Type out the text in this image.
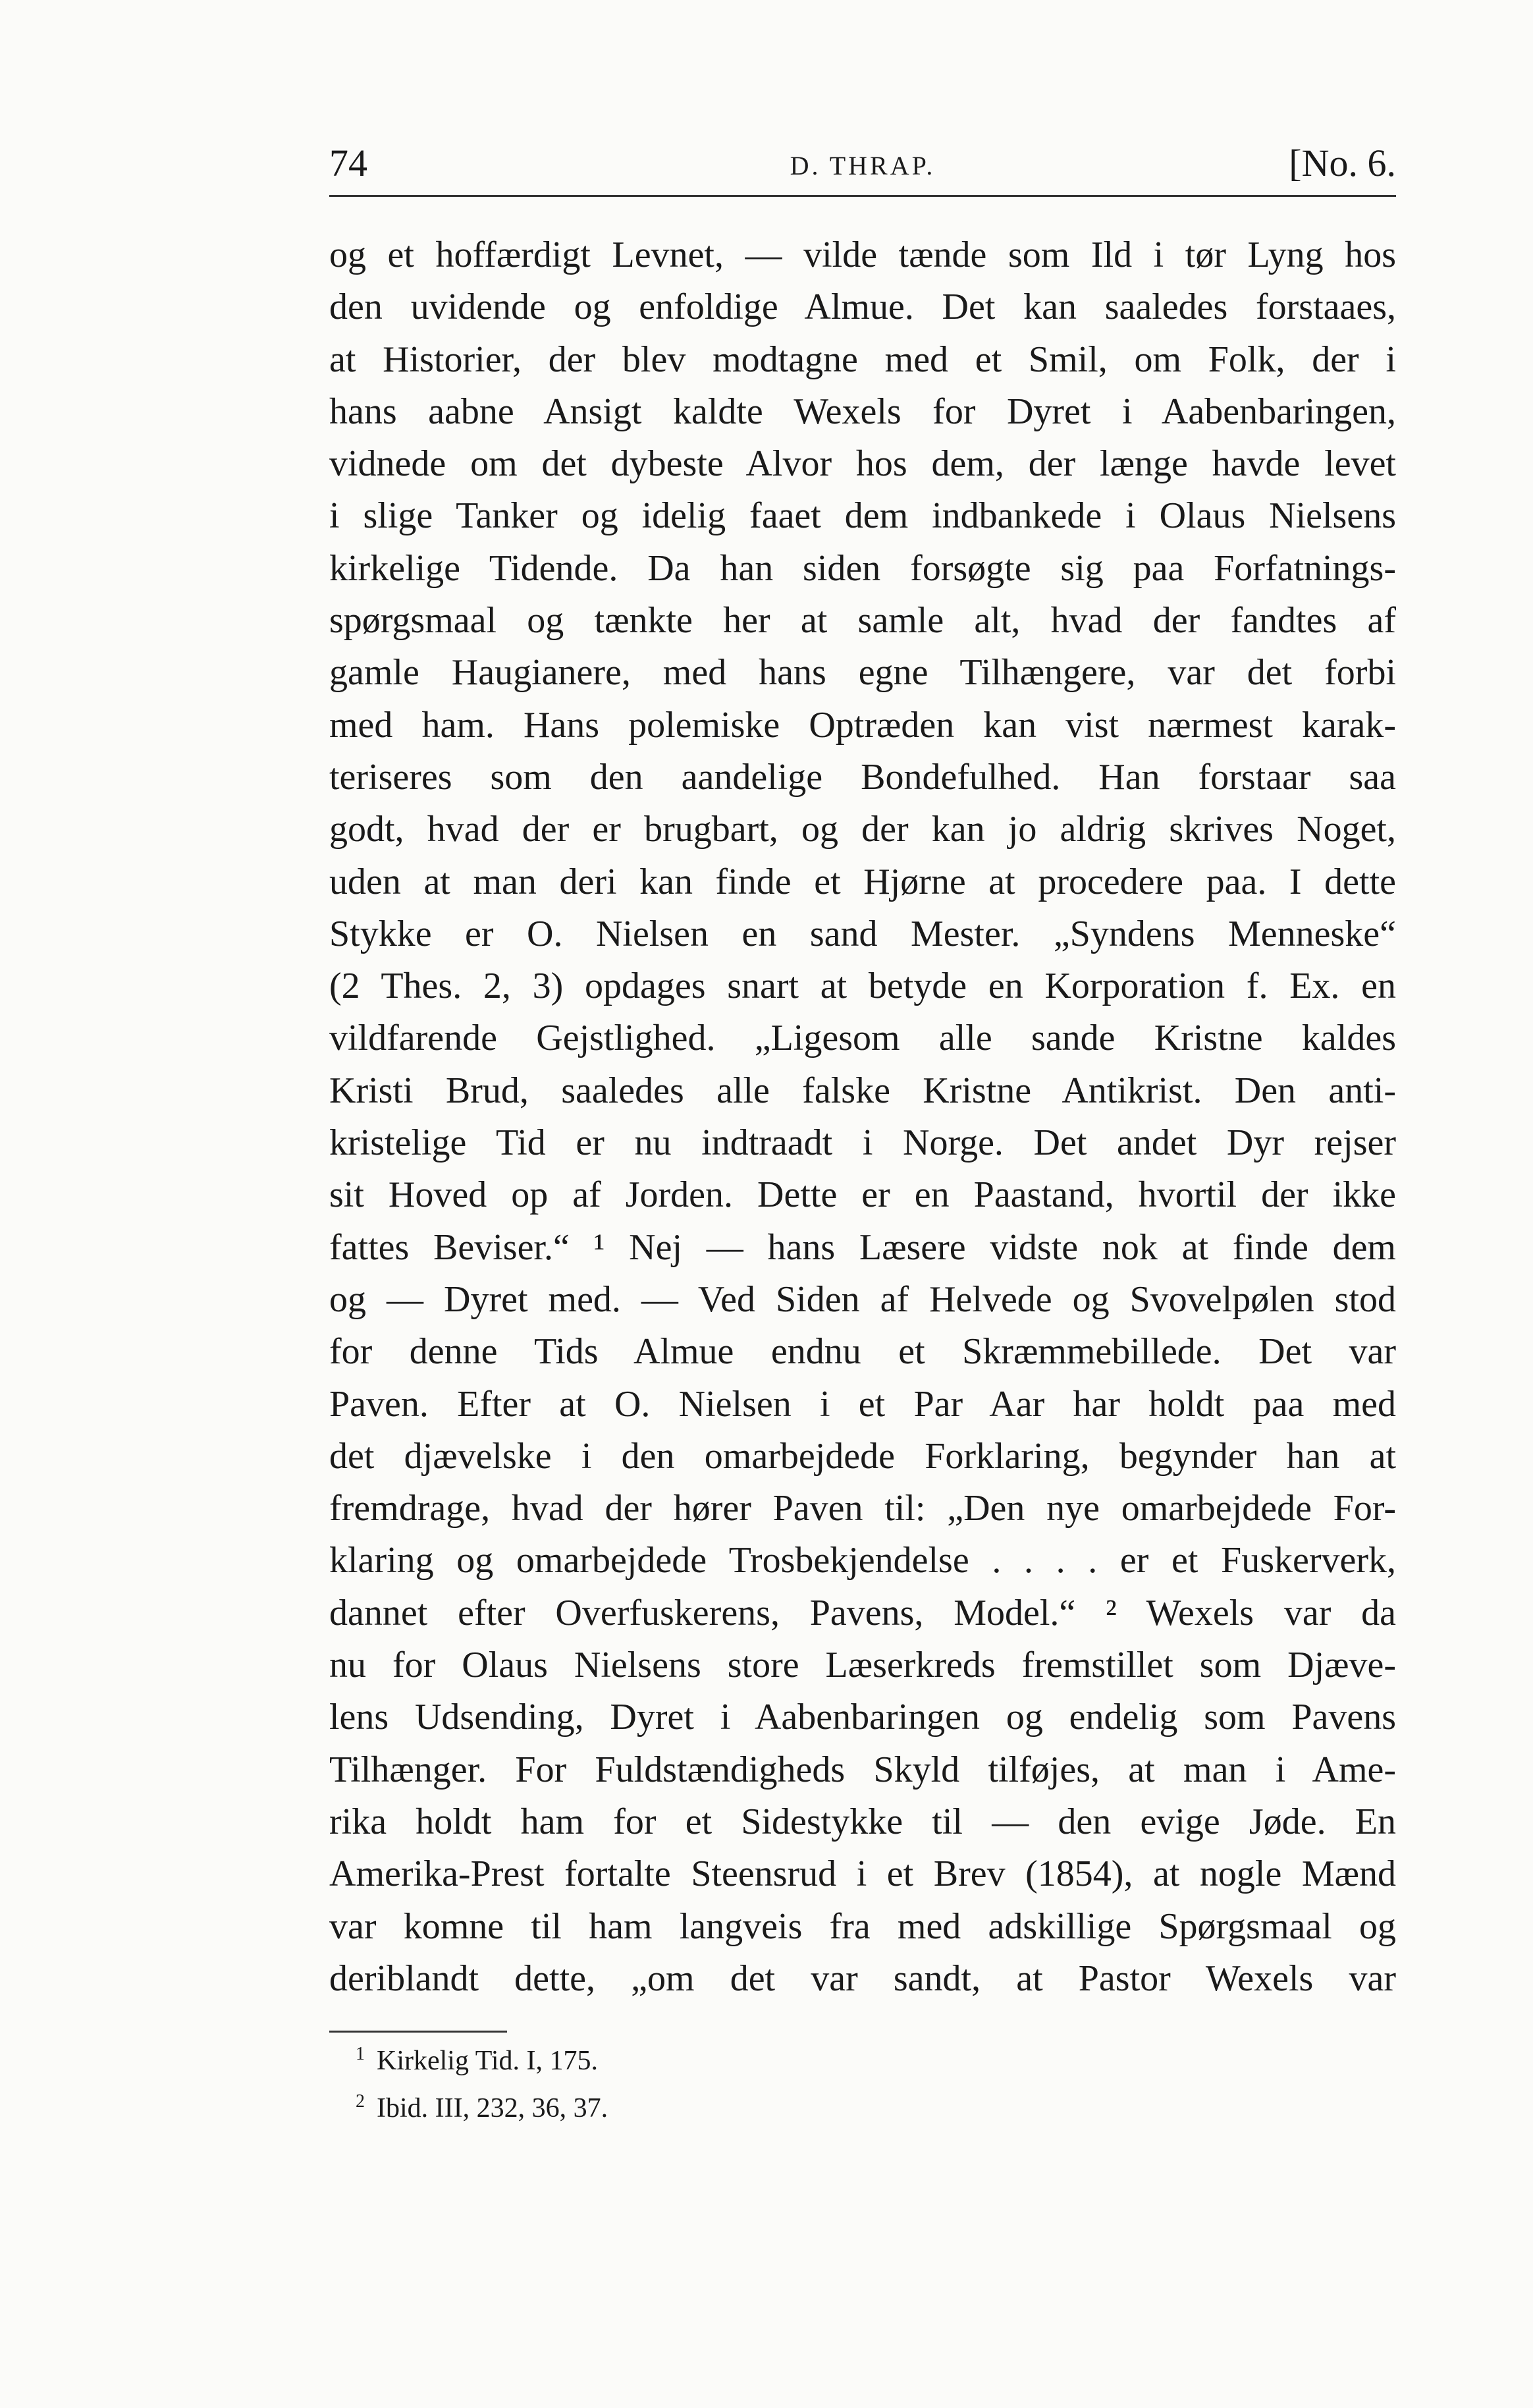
74	D. THRAP.	[No. 6.
og et hoffærdigt Levnet, — vilde tænde som Ild i tør Lyng hos
den uvidende og enfoldige Almue. Det kan saaledes forstaaes,
at Historier, der blev modtagne med et Smil, om Folk, der i
hans aabne Ansigt kaldte Wexels for Dyret i Aabenbaringen,
vidnede om det dybeste Alvor hos dem, der længe havde levet
i slige Tanker og idelig faaet dem indbankede i Olaus Nielsens
kirkelige Tidende. Da han siden forsøgte sig paa Forfatnings-
spørgsmaal og tænkte her at samle alt, hvad der fandtes af
gamle Haugianere, med hans egne Tilhængere, var det forbi
med ham. Hans polemiske Optræden kan vist nærmest karak-
teriseres som den aandelige Bondefulhed. Han forstaar saa
godt, hvad der er brugbart, og der kan jo aldrig skrives Noget,
uden at man deri kan finde et Hjørne at procedere paa. I dette
Stykke er O. Nielsen en sand Mester. „Syndens Menneske“
(2 Thes. 2, 3) opdages snart at betyde en Korporation f. Ex. en
vildfarende Gejstlighed. „Ligesom alle sande Kristne kaldes
Kristi Brud, saaledes alle falske Kristne Antikrist. Den anti-
kristelige Tid er nu indtraadt i Norge. Det andet Dyr rejser
sit Hoved op af Jorden. Dette er en Paastand, hvortil der ikke
fattes Beviser.“ ¹ Nej — hans Læsere vidste nok at finde dem
og — Dyret med. — Ved Siden af Helvede og Svovelpølen stod
for denne Tids Almue endnu et Skræmmebillede. Det var
Paven. Efter at O. Nielsen i et Par Aar har holdt paa med
det djævelske i den omarbejdede Forklaring, begynder han at
fremdrage, hvad der hører Paven til: „Den nye omarbejdede For-
klaring og omarbejdede Trosbekjendelse . . . . er et Fuskerverk,
dannet efter Overfuskerens, Pavens, Model.“ ² Wexels var da
nu for Olaus Nielsens store Læserkreds fremstillet som Djæve-
lens Udsending, Dyret i Aabenbaringen og endelig som Pavens
Tilhænger. For Fuldstændigheds Skyld tilføjes, at man i Ame-
rika holdt ham for et Sidestykke til — den evige Jøde. En
Amerika-Prest fortalte Steensrud i et Brev (1854), at nogle Mænd
var komne til ham langveis fra med adskillige Spørgsmaal og
deriblandt dette, „om det var sandt, at Pastor Wexels var
$^1$ Kirkelig Tid. I, 175.
$^2$ Ibid. III, 232, 36, 37.
